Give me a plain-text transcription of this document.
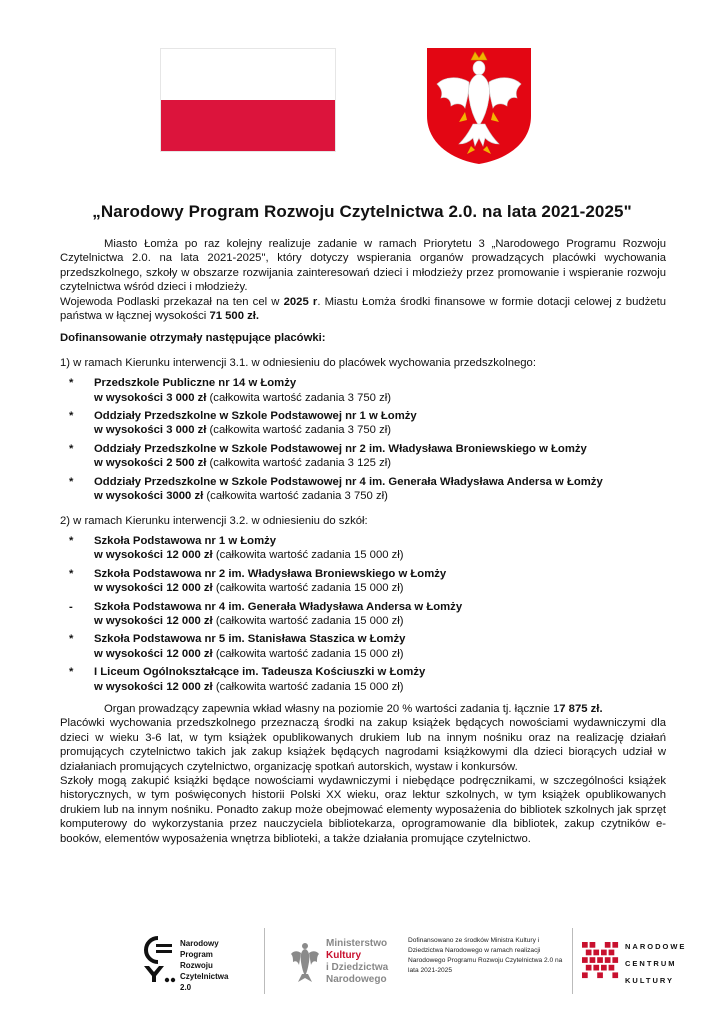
„Narodowy Program Rozwoju Czytelnictwa 2.0. na lata 2021-2025"

Miasto Łomża po raz kolejny realizuje zadanie w ramach Priorytetu 3 „Narodowego Programu Rozwoju Czytelnictwa 2.0. na lata 2021-2025", który dotyczy wspierania organów prowadzących placówki wychowania przedszkolnego, szkoły w obszarze rozwijania zainteresowań dzieci i młodzieży przez promowanie i wspieranie rozwoju czytelnictwa wśród dzieci i młodzieży.

Wojewoda Podlaski przekazał na ten cel w 2025 r. Miastu Łomża środki finansowe w formie dotacji celowej z budżetu państwa w łącznej wysokości 71 500 zł.

Dofinansowanie otrzymały następujące placówki:
1) w ramach Kierunku interwencji 3.1. w odniesieniu do placówek wychowania przedszkolnego:
* Przedszkole Publiczne nr 14 w Łomży
w wysokości 3 000 zł (całkowita wartość zadania 3 750 zł)
* Oddziały Przedszkolne w Szkole Podstawowej nr 1 w Łomży
w wysokości 3 000 zł (całkowita wartość zadania 3 750 zł)
* Oddziały Przedszkolne w Szkole Podstawowej nr 2 im. Władysława Broniewskiego w Łomży
w wysokości 2 500 zł (całkowita wartość zadania 3 125 zł)
* Oddziały Przedszkolne w Szkole Podstawowej nr 4 im. Generała Władysława Andersa w Łomży
w wysokości 3000 zł (całkowita wartość zadania 3 750 zł)
2) w ramach Kierunku interwencji 3.2. w odniesieniu do szkół:
* Szkoła Podstawowa nr 1 w Łomży
w wysokości 12 000 zł (całkowita wartość zadania 15 000 zł)
* Szkoła Podstawowa nr 2 im. Władysława Broniewskiego w Łomży
w wysokości 12 000 zł (całkowita wartość zadania 15 000 zł)
- Szkoła Podstawowa nr 4 im. Generała Władysława Andersa w Łomży
w wysokości 12 000 zł (całkowita wartość zadania 15 000 zł)
* Szkoła Podstawowa nr 5 im. Stanisława Staszica w Łomży
w wysokości 12 000 zł (całkowita wartość zadania 15 000 zł)
* I Liceum Ogólnokształcące im. Tadeusza Kościuszki w Łomży
w wysokości 12 000 zł (całkowita wartość zadania 15 000 zł)

Organ prowadzący zapewnia wkład własny na poziomie 20 % wartości zadania tj. łącznie 17 875 zł.

Placówki wychowania przedszkolnego przeznaczą środki na zakup książek będących nowościami wydawniczymi dla dzieci w wieku 3-6 lat, w tym książek opublikowanych drukiem lub na innym nośniku oraz na realizację działań promujących czytelnictwo takich jak zakup książek będących nagrodami książkowymi dla dzieci biorących udział w działaniach promujących czytelnictwo, organizację spotkań autorskich, wystaw i konkursów.

Szkoły mogą zakupić książki będące nowościami wydawniczymi i niebędące podręcznikami, w szczególności książek historycznych, w tym poświęconych historii Polski XX wieku, oraz lektur szkolnych, w tym książek opublikowanych drukiem lub na innym nośniku. Ponadto zakup może obejmować elementy wyposażenia do bibliotek szkolnych jak sprzęt komputerowy do wykorzystania przez nauczyciela bibliotekarza, oprogramowanie dla bibliotek, zakup czytników e-booków, elementów wyposażenia wnętrza biblioteki, a także działania promujące czytelnictwo.

Narodowy
Program
Rozwoju
Czytelnictwa
2.0
Ministerstwo
Kultury
i Dziedzictwa
Narodowego
Dofinansowano ze środków Ministra Kultury i Dziedzictwa Narodowego w ramach realizacji Narodowego Programu Rozwoju Czytelnictwa 2.0 na lata 2021-2025
NARODOWE
CENTRUM
KULTURY
